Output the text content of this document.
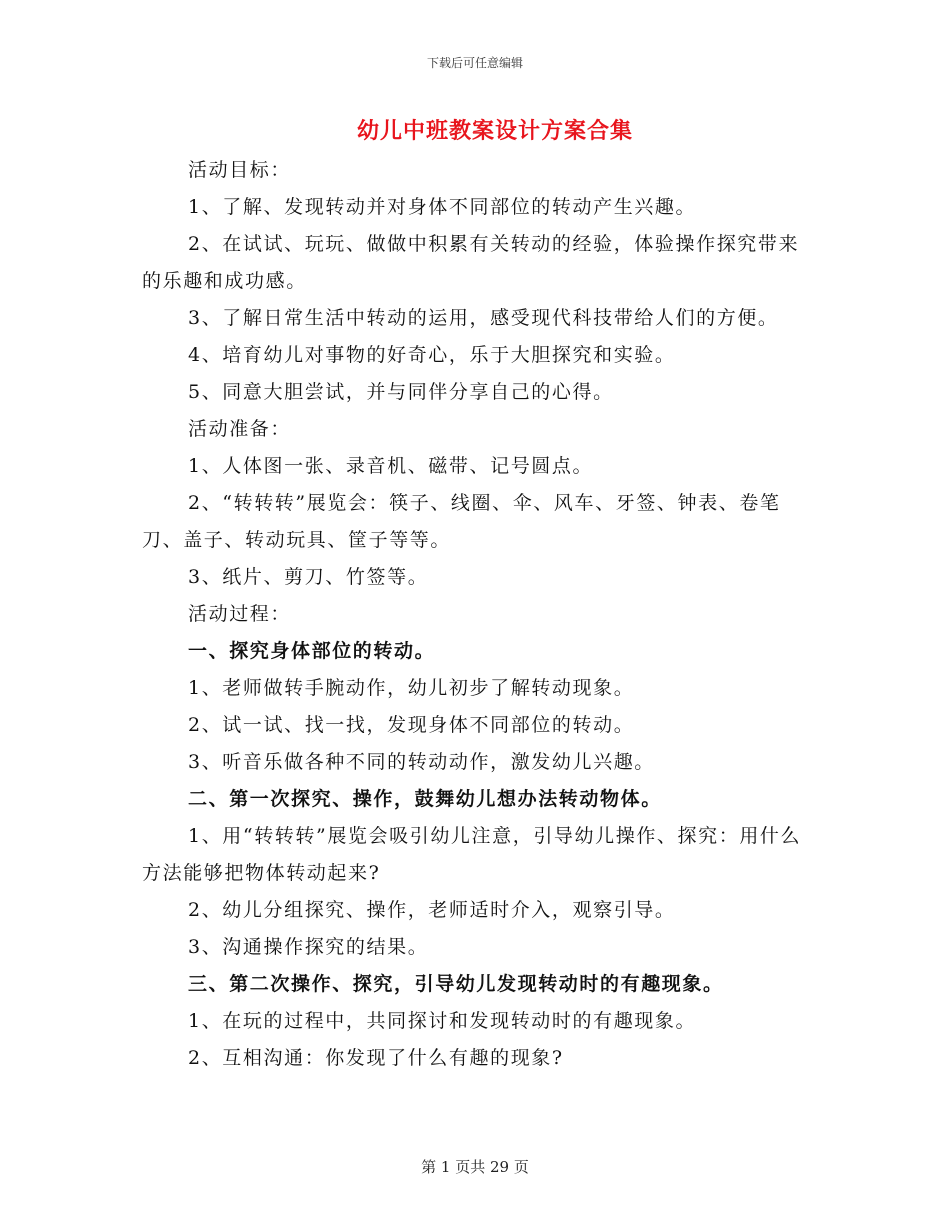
下载后可任意编辑
幼儿中班教案设计方案合集

活动目标：

1、了解、发现转动并对身体不同部位的转动产生兴趣。

2、在试试、玩玩、做做中积累有关转动的经验，体验操作探究带来的乐趣和成功感。

3、了解日常生活中转动的运用，感受现代科技带给人们的方便。

4、培育幼儿对事物的好奇心，乐于大胆探究和实验。

5、同意大胆尝试，并与同伴分享自己的心得。

活动准备：

1、人体图一张、录音机、磁带、记号圆点。

2、“转转转”展览会：筷子、线圈、伞、风车、牙签、钟表、卷笔刀、盖子、转动玩具、筐子等等。

3、纸片、剪刀、竹签等。

活动过程：

一、探究身体部位的转动。

1、老师做转手腕动作，幼儿初步了解转动现象。

2、试一试、找一找，发现身体不同部位的转动。

3、听音乐做各种不同的转动动作，激发幼儿兴趣。

二、第一次探究、操作，鼓舞幼儿想办法转动物体。

1、用“转转转”展览会吸引幼儿注意，引导幼儿操作、探究：用什么方法能够把物体转动起来?

2、幼儿分组探究、操作，老师适时介入，观察引导。

3、沟通操作探究的结果。

三、第二次操作、探究，引导幼儿发现转动时的有趣现象。

1、在玩的过程中，共同探讨和发现转动时的有趣现象。

2、互相沟通：你发现了什么有趣的现象?

第 1 页共 29 页
